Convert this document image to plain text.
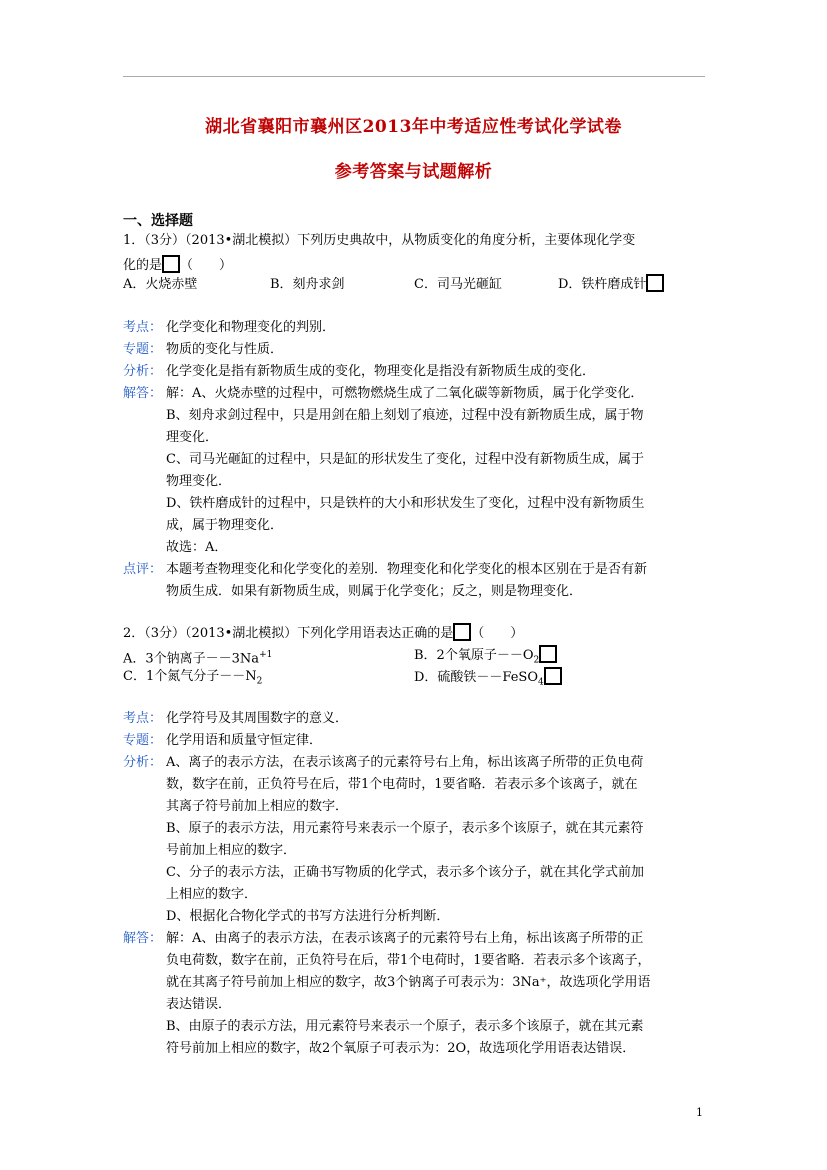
湖北省襄阳市襄州区2013年中考适应性考试化学试卷
参考答案与试题解析
一、选择题
1．（3分）（2013•湖北模拟）下列历史典故中，从物质变化的角度分析，主要体现化学变
化的是 （　　）
A．火烧赤壁	B．刻舟求剑	C．司马光砸缸	D．铁杵磨成针
考点： 化学变化和物理变化的判别．
专题： 物质的变化与性质．
分析： 化学变化是指有新物质生成的变化，物理变化是指没有新物质生成的变化．
解答： 解：A、火烧赤壁的过程中，可燃物燃烧生成了二氧化碳等新物质，属于化学变化．
B、刻舟求剑过程中，只是用剑在船上刻划了痕迹，过程中没有新物质生成，属于物
理变化．
C、司马光砸缸的过程中，只是缸的形状发生了变化，过程中没有新物质生成，属于
物理变化．
D、铁杵磨成针的过程中，只是铁杵的大小和形状发生了变化，过程中没有新物质生
成，属于物理变化．
故选：A．
点评： 本题考查物理变化和化学变化的差别．物理变化和化学变化的根本区别在于是否有新
物质生成．如果有新物质生成，则属于化学变化；反之，则是物理变化．
2．（3分）（2013•湖北模拟）下列化学用语表达正确的是 （　　）
A．3个钠离子$--3Na^{+1}$	B．2个氧原子$--O_2$
C．1个氮气分子$--N_2$	D．硫酸铁－－FeSO$_4$
考点： 化学符号及其周围数字的意义．
专题： 化学用语和质量守恒定律．
分析： A、离子的表示方法，在表示该离子的元素符号右上角，标出该离子所带的正负电荷
数，数字在前，正负符号在后，带1个电荷时，1要省略．若表示多个该离子，就在
其离子符号前加上相应的数字．
B、原子的表示方法，用元素符号来表示一个原子，表示多个该原子，就在其元素符
号前加上相应的数字．
C、分子的表示方法，正确书写物质的化学式，表示多个该分子，就在其化学式前加
上相应的数字．
D、根据化合物化学式的书写方法进行分析判断．
解答： 解：A、由离子的表示方法，在表示该离子的元素符号右上角，标出该离子所带的正
负电荷数，数字在前，正负符号在后，带1个电荷时，1要省略．若表示多个该离子，
就在其离子符号前加上相应的数字，故3个钠离子可表示为：3Na⁺，故选项化学用语
表达错误．
B、由原子的表示方法，用元素符号来表示一个原子，表示多个该原子，就在其元素
符号前加上相应的数字，故2个氧原子可表示为：2O，故选项化学用语表达错误．
1
